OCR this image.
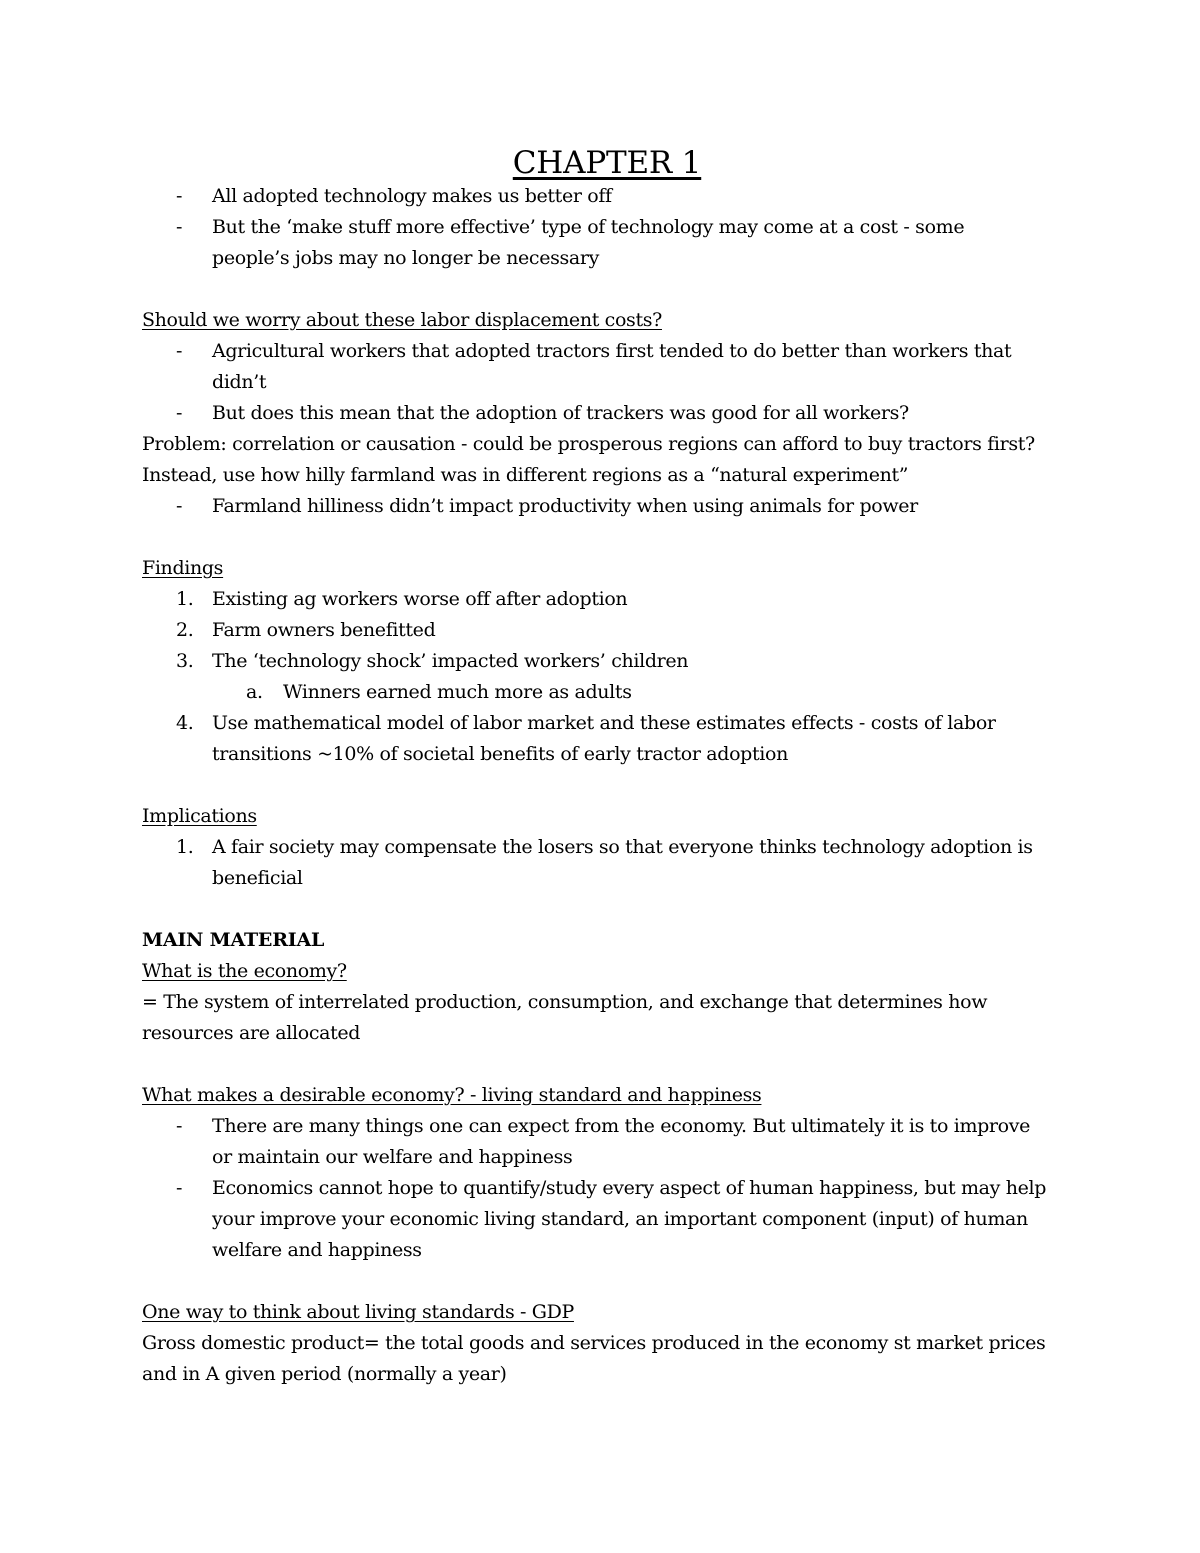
CHAPTER 1
- All adopted technology makes us better off
- But the ‘make stuff more effective’ type of technology may come at a cost - some
people’s jobs may no longer be necessary
Should we worry about these labor displacement costs?
- Agricultural workers that adopted tractors first tended to do better than workers that
didn’t
- But does this mean that the adoption of trackers was good for all workers?
Problem: correlation or causation - could be prosperous regions can afford to buy tractors first?
Instead, use how hilly farmland was in different regions as a “natural experiment”
- Farmland hilliness didn’t impact productivity when using animals for power
Findings
1. Existing ag workers worse off after adoption
2. Farm owners benefitted
3. The ‘technology shock’ impacted workers’ children
a. Winners earned much more as adults
4. Use mathematical model of labor market and these estimates effects - costs of labor
transitions ~10% of societal benefits of early tractor adoption
Implications
1. A fair society may compensate the losers so that everyone thinks technology adoption is
beneficial
MAIN MATERIAL
What is the economy?
= The system of interrelated production, consumption, and exchange that determines how
resources are allocated
What makes a desirable economy? - living standard and happiness
- There are many things one can expect from the economy. But ultimately it is to improve
or maintain our welfare and happiness
- Economics cannot hope to quantify/study every aspect of human happiness, but may help
your improve your economic living standard, an important component (input) of human
welfare and happiness
One way to think about living standards - GDP
Gross domestic product= the total goods and services produced in the economy st market prices
and in A given period (normally a year)
